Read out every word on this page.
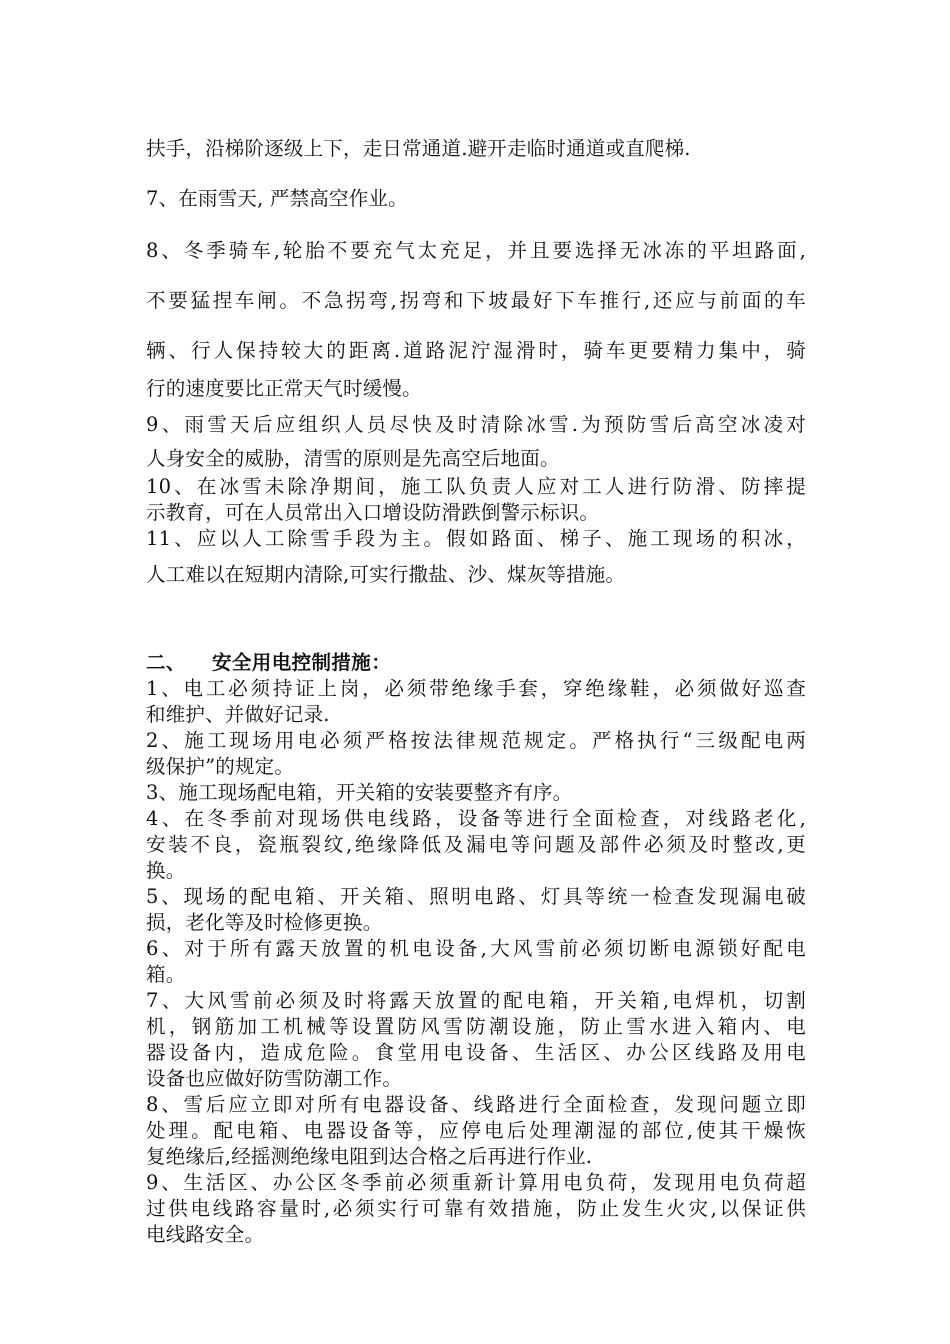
扶手，沿梯阶逐级上下，走日常通道.避开走临时通道或直爬梯.

7、在雨雪天, 严禁高空作业。

8、冬季骑车,轮胎不要充气太充足，并且要选择无冰冻的平坦路面,

不要猛捏车闸。不急拐弯,拐弯和下坡最好下车推行,还应与前面的车

辆、行人保持较大的距离.道路泥泞湿滑时，骑车更要精力集中，骑

行的速度要比正常天气时缓慢。

9、雨雪天后应组织人员尽快及时清除冰雪.为预防雪后高空冰凌对

人身安全的威胁，清雪的原则是先高空后地面。

10、在冰雪未除净期间，施工队负责人应对工人进行防滑、防摔提

示教育，可在人员常出入口增设防滑跌倒警示标识。

11、应以人工除雪手段为主。假如路面、梯子、施工现场的积冰，

人工难以在短期内清除,可实行撒盐、沙、煤灰等措施。

二、 安全用电控制措施：

1、电工必须持证上岗，必须带绝缘手套，穿绝缘鞋，必须做好巡查

和维护、并做好记录.

2、施工现场用电必须严格按法律规范规定。严格执行“三级配电两

级保护”的规定。

3、施工现场配电箱，开关箱的安装要整齐有序。

4、在冬季前对现场供电线路，设备等进行全面检查，对线路老化,

安装不良，瓷瓶裂纹,绝缘降低及漏电等问题及部件必须及时整改,更

换。

5、现场的配电箱、开关箱、照明电路、灯具等统一检查发现漏电破

损，老化等及时检修更换。

6、对于所有露天放置的机电设备,大风雪前必须切断电源锁好配电

箱。

7、大风雪前必须及时将露天放置的配电箱，开关箱,电焊机，切割

机，钢筋加工机械等设置防风雪防潮设施，防止雪水进入箱内、电

器设备内，造成危险。食堂用电设备、生活区、办公区线路及用电

设备也应做好防雪防潮工作。

8、雪后应立即对所有电器设备、线路进行全面检查，发现问题立即

处理。配电箱、电器设备等，应停电后处理潮湿的部位,使其干燥恢

复绝缘后,经摇测绝缘电阻到达合格之后再进行作业.

9、生活区、办公区冬季前必须重新计算用电负荷，发现用电负荷超

过供电线路容量时,必须实行可靠有效措施，防止发生火灾,以保证供

电线路安全。
